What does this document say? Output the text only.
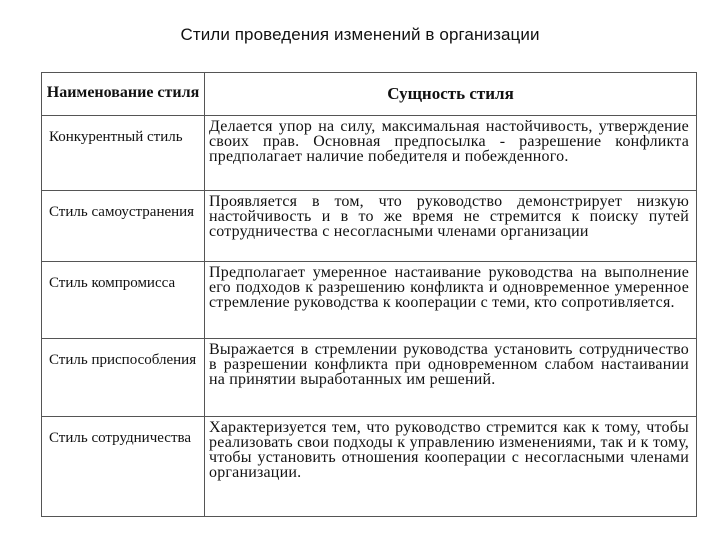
Стили проведения изменений в организации
Наименование стиля	Сущность стиля
Конкурентный стиль	Делается упор на силу, максимальная настойчивость, утверждение своих прав. Основная предпосылка - разрешение конфликта предполагает наличие победителя и побежденного.
Стиль самоустранения	Проявляется в том, что руководство демонстрирует низкую настойчивость и в то же время не стремится к поиску путей сотрудничества с несогласными членами организации
Стиль компромисса	Предполагает умеренное настаивание руководства на выполнение его подходов к разрешению конфликта и одновременное умеренное стремление руководства к кооперации с теми, кто сопротивляется.
Стиль приспособления	Выражается в стремлении руководства установить сотрудничество в разрешении конфликта при одновременном слабом настаивании на принятии выработанных им решений.
Стиль сотрудничества	Характеризуется тем, что руководство стремится как к тому, чтобы реализовать свои подходы к управлению изменениями, так и к тому, чтобы установить отношения кооперации с несогласными членами организации.
